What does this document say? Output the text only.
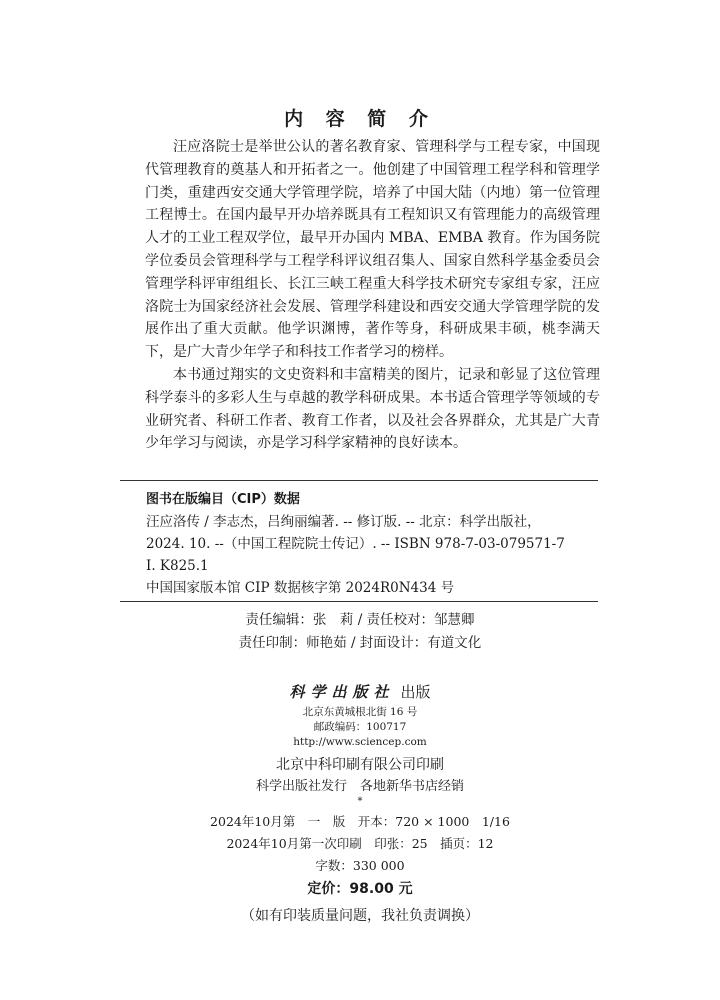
内 容 简 介

汪应洛院士是举世公认的著名教育家、管理科学与工程专家，中国现代管理教育的奠基人和开拓者之一。他创建了中国管理工程学科和管理学门类，重建西安交通大学管理学院，培养了中国大陆（内地）第一位管理工程博士。在国内最早开办培养既具有工程知识又有管理能力的高级管理人才的工业工程双学位，最早开办国内 MBA、EMBA 教育。作为国务院学位委员会管理科学与工程学科评议组召集人、国家自然科学基金委员会管理学科评审组组长、长江三峡工程重大科学技术研究专家组专家，汪应洛院士为国家经济社会发展、管理学科建设和西安交通大学管理学院的发展作出了重大贡献。他学识渊博，著作等身，科研成果丰硕，桃李满天下，是广大青少年学子和科技工作者学习的榜样。

本书通过翔实的文史资料和丰富精美的图片，记录和彰显了这位管理科学泰斗的多彩人生与卓越的教学科研成果。本书适合管理学等领域的专业研究者、科研工作者、教育工作者，以及社会各界群众，尤其是广大青少年学习与阅读，亦是学习科学家精神的良好读本。

图书在版编目（CIP）数据
汪应洛传 / 李志杰，吕绚丽编著. -- 修订版. -- 北京：科学出版社，
2024. 10. --（中国工程院院士传记）. -- ISBN 978-7-03-079571-7
Ⅰ. K825.1
中国国家版本馆 CIP 数据核字第 2024R0N434 号
责任编辑：张　莉 / 责任校对：邹慧卿
责任印制：师艳茹 / 封面设计：有道文化
科学出版社 出版
北京东黄城根北街 16 号
邮政编码：100717
http://www.sciencep.com
北京中科印刷有限公司印刷
科学出版社发行　各地新华书店经销
*
2024年10月第　一　版　开本：720 × 1000　1/16
2024年10月第一次印刷　印张：25　插页：12
字数：330 000
定价：98.00 元
（如有印装质量问题，我社负责调换）
